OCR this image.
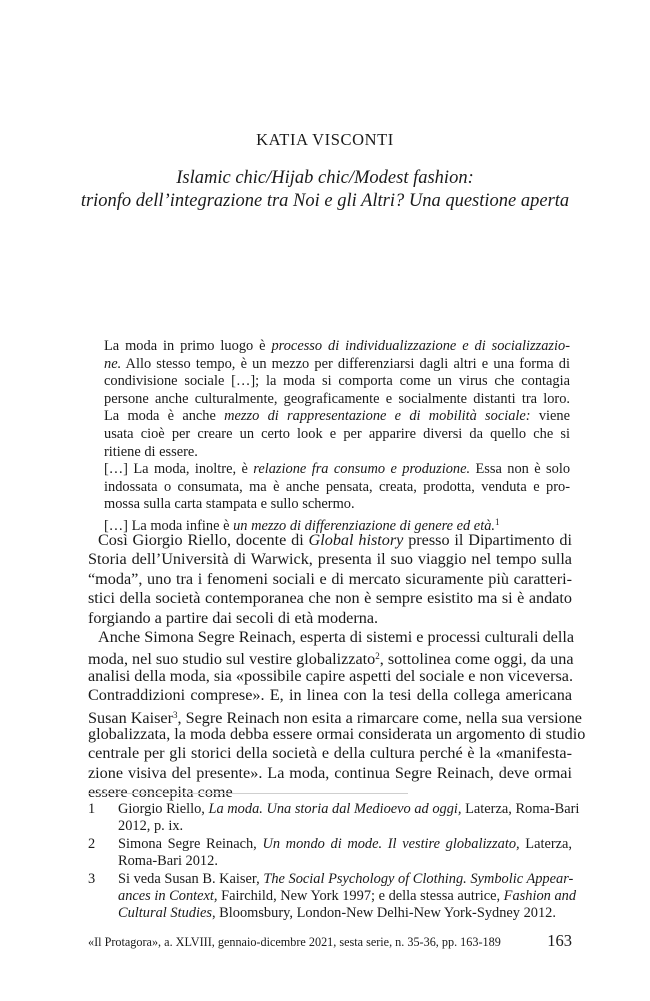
KATIA VISCONTI
Islamic chic/Hijab chic/Modest fashion:
trionfo dell’integrazione tra Noi e gli Altri? Una questione aperta
La moda in primo luogo è processo di individualizzazione e di socializzazio-
ne. Allo stesso tempo, è un mezzo per differenziarsi dagli altri e una forma di
condivisione sociale […]; la moda si comporta come un virus che contagia
persone anche culturalmente, geograficamente e socialmente distanti tra loro.
La moda è anche mezzo di rappresentazione e di mobilità sociale: viene
usata cioè per creare un certo look e per apparire diversi da quello che si
ritiene di essere.
[…] La moda, inoltre, è relazione fra consumo e produzione. Essa non è solo
indossata o consumata, ma è anche pensata, creata, prodotta, venduta e pro-
mossa sulla carta stampata e sullo schermo.
[…] La moda infine è un mezzo di differenziazione di genere ed età.$^1$
Così Giorgio Riello, docente di Global history presso il Dipartimento di
Storia dell’Università di Warwick, presenta il suo viaggio nel tempo sulla
“moda”, uno tra i fenomeni sociali e di mercato sicuramente più caratteri-
stici della società contemporanea che non è sempre esistito ma si è andato
forgiando a partire dai secoli di età moderna.
Anche Simona Segre Reinach, esperta di sistemi e processi culturali della
moda, nel suo studio sul vestire globalizzato$^2$, sottolinea come oggi, da una
analisi della moda, sia «possibile capire aspetti del sociale e non viceversa.
Contraddizioni comprese». E, in linea con la tesi della collega americana
Susan Kaiser$^3$, Segre Reinach non esita a rimarcare come, nella sua versione
globalizzata, la moda debba essere ormai considerata un argomento di studio
centrale per gli storici della società e della cultura perché è la «manifesta-
zione visiva del presente». La moda, continua Segre Reinach, deve ormai
essere concepita come
1	Giorgio Riello, La moda. Una storia dal Medioevo ad oggi, Laterza, Roma-Bari
2012, p. ix.
2	Simona Segre Reinach, Un mondo di mode. Il vestire globalizzato, Laterza,
Roma-Bari 2012.
3	Si veda Susan B. Kaiser, The Social Psychology of Clothing. Symbolic Appear-
ances in Context, Fairchild, New York 1997; e della stessa autrice, Fashion and
Cultural Studies, Bloomsbury, London-New Delhi-New York-Sydney 2012.
«Il Protagora», a. XLVIII, gennaio-dicembre 2021, sesta serie, n. 35-36, pp. 163-189	163
